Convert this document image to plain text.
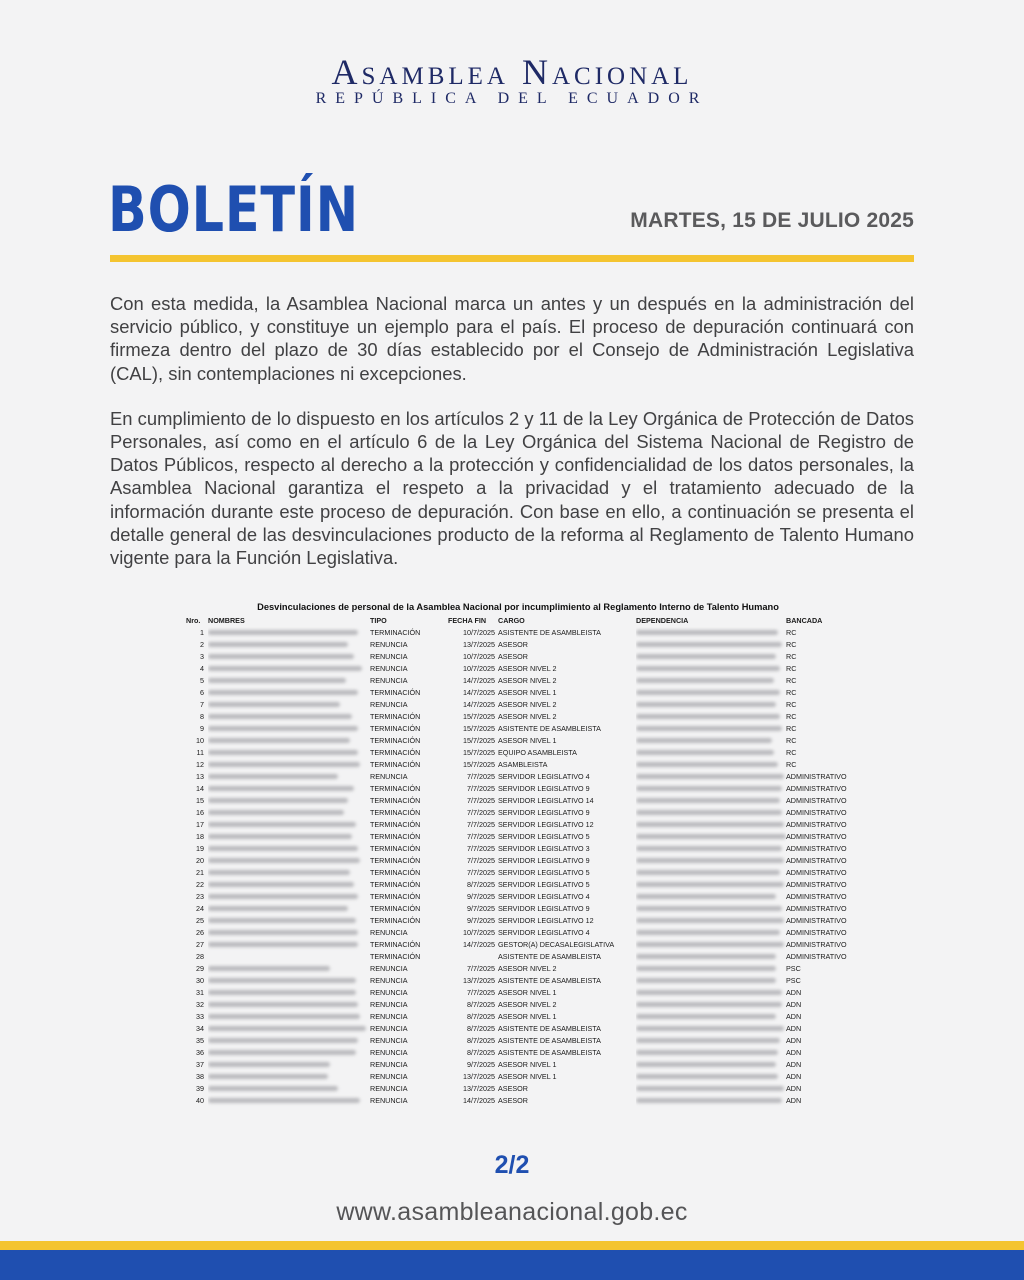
Asamblea Nacional
REPÚBLICA DEL ECUADOR
BOLETÍN	MARTES, 15 DE JULIO 2025

Con esta medida, la Asamblea Nacional marca un antes y un después en la administración del servicio público, y constituye un ejemplo para el país. El proceso de depuración continuará con firmeza dentro del plazo de 30 días establecido por el Consejo de Administración Legislativa (CAL), sin contemplaciones ni excepciones.

En cumplimiento de lo dispuesto en los artículos 2 y 11 de la Ley Orgánica de Protección de Datos Personales, así como en el artículo 6 de la Ley Orgánica del Sistema Nacional de Registro de Datos Públicos, respecto al derecho a la protección y confidencialidad de los datos personales, la Asamblea Nacional garantiza el respeto a la privacidad y el tratamiento adecuado de la información durante este proceso de depuración. Con base en ello, a continuación se presenta el detalle general de las desvinculaciones producto de la reforma al Reglamento de Talento Humano vigente para la Función Legislativa.

Desvinculaciones de personal de la Asamblea Nacional por incumplimiento al Reglamento Interno de Talento Humano
Nro.	NOMBRES	TIPO	FECHA FIN	CARGO	DEPENDENCIA	BANCADA
1		TERMINACIÓN	10/7/2025	ASISTENTE DE ASAMBLEISTA		RC
2		RENUNCIA	13/7/2025	ASESOR		RC
3		RENUNCIA	10/7/2025	ASESOR		RC
4		RENUNCIA	10/7/2025	ASESOR NIVEL 2		RC
5		RENUNCIA	14/7/2025	ASESOR NIVEL 2		RC
6		TERMINACIÓN	14/7/2025	ASESOR NIVEL 1		RC
7		RENUNCIA	14/7/2025	ASESOR NIVEL 2		RC
8		TERMINACIÓN	15/7/2025	ASESOR NIVEL 2		RC
9		TERMINACIÓN	15/7/2025	ASISTENTE DE ASAMBLEISTA		RC
10		TERMINACIÓN	15/7/2025	ASESOR NIVEL 1		RC
11		TERMINACIÓN	15/7/2025	EQUIPO ASAMBLEISTA		RC
12		TERMINACIÓN	15/7/2025	ASAMBLEISTA		RC
13		RENUNCIA	7/7/2025	SERVIDOR LEGISLATIVO 4		ADMINISTRATIVO
14		TERMINACIÓN	7/7/2025	SERVIDOR LEGISLATIVO 9		ADMINISTRATIVO
15		TERMINACIÓN	7/7/2025	SERVIDOR LEGISLATIVO 14		ADMINISTRATIVO
16		TERMINACIÓN	7/7/2025	SERVIDOR LEGISLATIVO 9		ADMINISTRATIVO
17		TERMINACIÓN	7/7/2025	SERVIDOR LEGISLATIVO 12		ADMINISTRATIVO
18		TERMINACIÓN	7/7/2025	SERVIDOR LEGISLATIVO 5		ADMINISTRATIVO
19		TERMINACIÓN	7/7/2025	SERVIDOR LEGISLATIVO 3		ADMINISTRATIVO
20		TERMINACIÓN	7/7/2025	SERVIDOR LEGISLATIVO 9		ADMINISTRATIVO
21		TERMINACIÓN	7/7/2025	SERVIDOR LEGISLATIVO 5		ADMINISTRATIVO
22		TERMINACIÓN	8/7/2025	SERVIDOR LEGISLATIVO 5		ADMINISTRATIVO
23		TERMINACIÓN	9/7/2025	SERVIDOR LEGISLATIVO 4		ADMINISTRATIVO
24		TERMINACIÓN	9/7/2025	SERVIDOR LEGISLATIVO 9		ADMINISTRATIVO
25		TERMINACIÓN	9/7/2025	SERVIDOR LEGISLATIVO 12		ADMINISTRATIVO
26		RENUNCIA	10/7/2025	SERVIDOR LEGISLATIVO 4		ADMINISTRATIVO
27		TERMINACIÓN	14/7/2025	GESTOR(A) DECASALEGISLATIVA		ADMINISTRATIVO
28		TERMINACIÓN		ASISTENTE DE ASAMBLEISTA		ADMINISTRATIVO
29		RENUNCIA	7/7/2025	ASESOR NIVEL 2		PSC
30		RENUNCIA	13/7/2025	ASISTENTE DE ASAMBLEISTA		PSC
31		RENUNCIA	7/7/2025	ASESOR NIVEL 1		ADN
32		RENUNCIA	8/7/2025	ASESOR NIVEL 2		ADN
33		RENUNCIA	8/7/2025	ASESOR NIVEL 1		ADN
34		RENUNCIA	8/7/2025	ASISTENTE DE ASAMBLEISTA		ADN
35		RENUNCIA	8/7/2025	ASISTENTE DE ASAMBLEISTA		ADN
36		RENUNCIA	8/7/2025	ASISTENTE DE ASAMBLEISTA		ADN
37		RENUNCIA	9/7/2025	ASESOR NIVEL 1		ADN
38		RENUNCIA	13/7/2025	ASESOR NIVEL 1		ADN
39		RENUNCIA	13/7/2025	ASESOR		ADN
40		RENUNCIA	14/7/2025	ASESOR		ADN
2/2
www.asambleanacional.gob.ec
